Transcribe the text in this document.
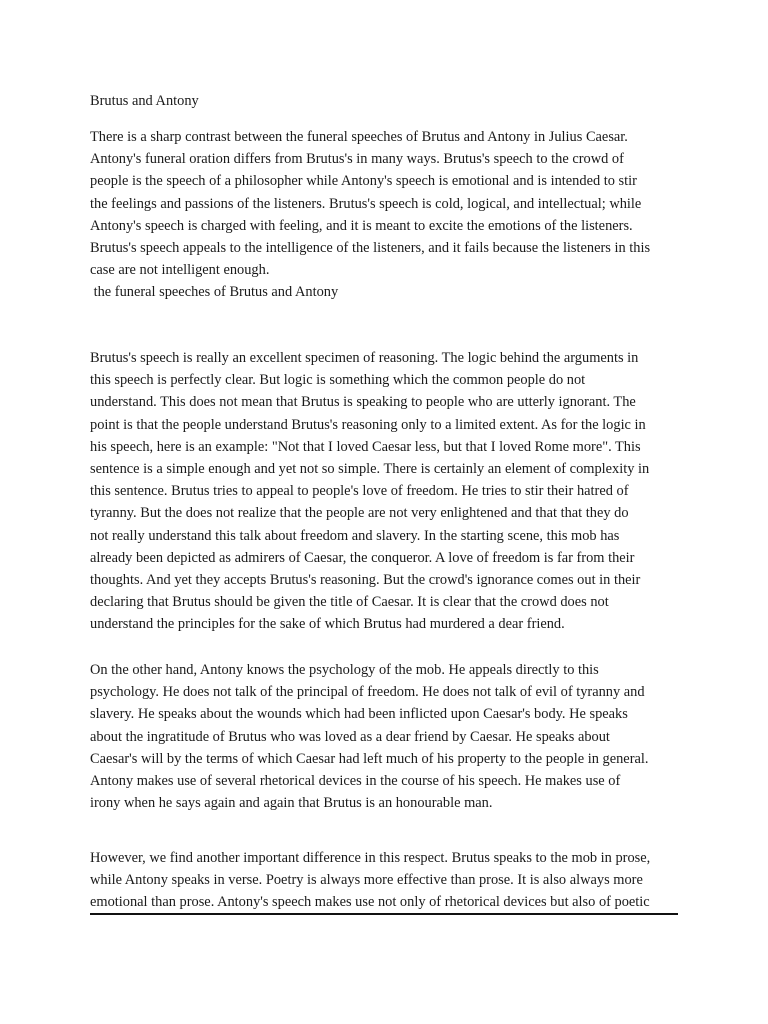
Brutus and Antony
There is a sharp contrast between the funeral speeches of Brutus and Antony in Julius Caesar.
Antony's funeral oration differs from Brutus's in many ways. Brutus's speech to the crowd of
people is the speech of a philosopher while Antony's speech is emotional and is intended to stir
the feelings and passions of the listeners. Brutus's speech is cold, logical, and intellectual; while
Antony's speech is charged with feeling, and it is meant to excite the emotions of the listeners.
Brutus's speech appeals to the intelligence of the listeners, and it fails because the listeners in this
case are not intelligent enough.
the funeral speeches of Brutus and Antony
Brutus's speech is really an excellent specimen of reasoning. The logic behind the arguments in
this speech is perfectly clear. But logic is something which the common people do not
understand. This does not mean that Brutus is speaking to people who are utterly ignorant. The
point is that the people understand Brutus's reasoning only to a limited extent. As for the logic in
his speech, here is an example: "Not that I loved Caesar less, but that I loved Rome more". This
sentence is a simple enough and yet not so simple. There is certainly an element of complexity in
this sentence. Brutus tries to appeal to people's love of freedom. He tries to stir their hatred of
tyranny. But the does not realize that the people are not very enlightened and that that they do
not really understand this talk about freedom and slavery. In the starting scene, this mob has
already been depicted as admirers of Caesar, the conqueror. A love of freedom is far from their
thoughts. And yet they accepts Brutus's reasoning. But the crowd's ignorance comes out in their
declaring that Brutus should be given the title of Caesar. It is clear that the crowd does not
understand the principles for the sake of which Brutus had murdered a dear friend.
On the other hand, Antony knows the psychology of the mob. He appeals directly to this
psychology. He does not talk of the principal of freedom. He does not talk of evil of tyranny and
slavery. He speaks about the wounds which had been inflicted upon Caesar's body. He speaks
about the ingratitude of Brutus who was loved as a dear friend by Caesar. He speaks about
Caesar's will by the terms of which Caesar had left much of his property to the people in general.
Antony makes use of several rhetorical devices in the course of his speech. He makes use of
irony when he says again and again that Brutus is an honourable man.
However, we find another important difference in this respect. Brutus speaks to the mob in prose,
while Antony speaks in verse. Poetry is always more effective than prose. It is also always more
emotional than prose. Antony's speech makes use not only of rhetorical devices but also of poetic
